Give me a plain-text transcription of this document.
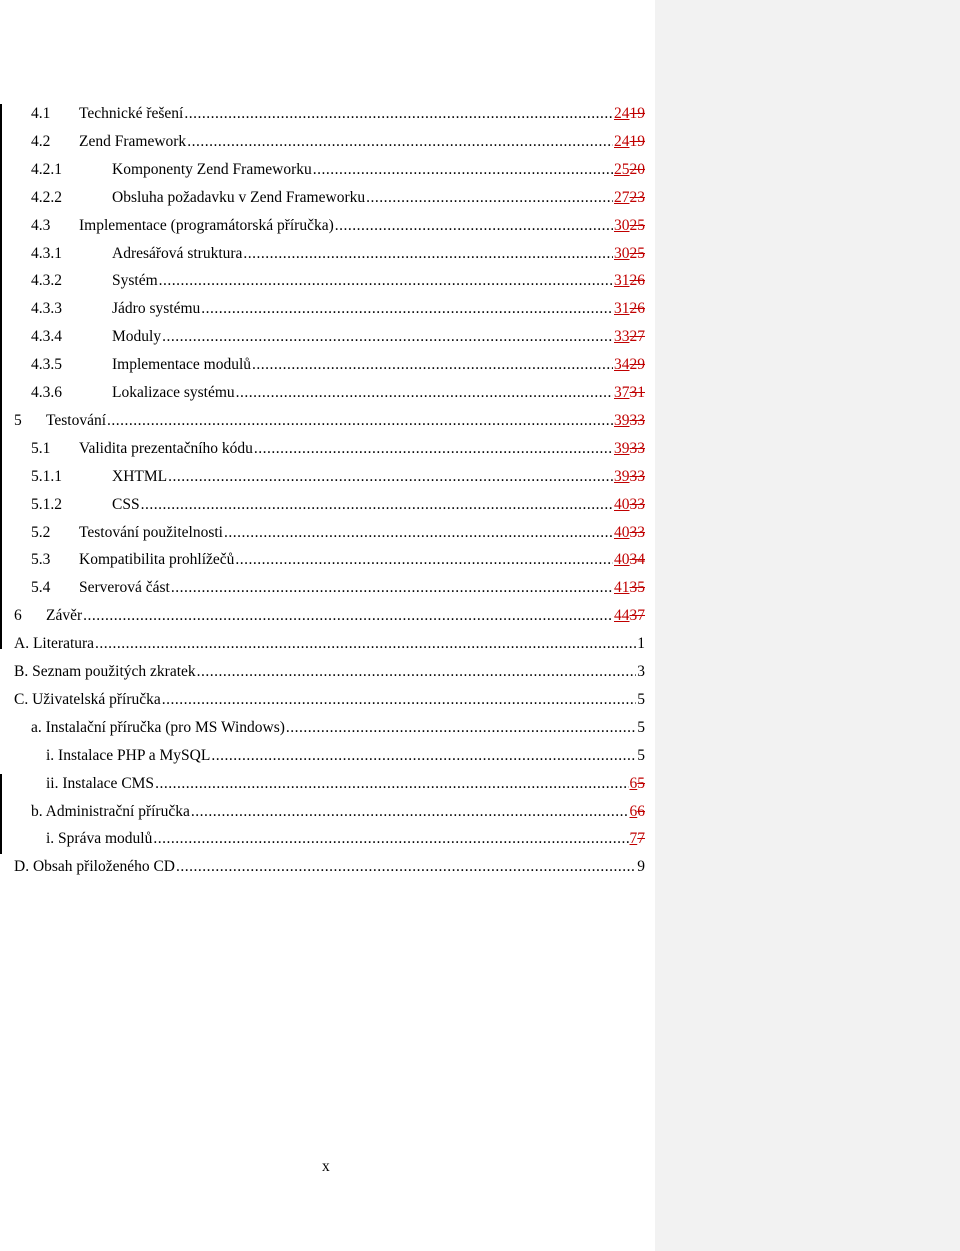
4.1	Technické řešení .....	2419
4.2	Zend Framework .....	2419
4.2.1	Komponenty Zend Frameworku .....	2520
4.2.2	Obsluha požadavku v Zend Frameworku .....	2723
4.3	Implementace (programátorská příručka) .....	3025
4.3.1	Adresářová struktura .....	3025
4.3.2	Systém .....	3126
4.3.3	Jádro systému .....	3126
4.3.4	Moduly .....	3327
4.3.5	Implementace modulů .....	3429
4.3.6	Lokalizace systému .....	3731
5	Testování .....	3933
5.1	Validita prezentačního kódu .....	3933
5.1.1	XHTML .....	3933
5.1.2	CSS .....	4033
5.2	Testování použitelnosti .....	4033
5.3	Kompatibilita prohlížečů .....	4034
5.4	Serverová část .....	4135
6	Závěr .....	4437
A. Literatura .....	1
B. Seznam použitých zkratek .....	3
C. Uživatelská příručka .....	5
a. Instalační příručka (pro MS Windows) .....	5
i. Instalace PHP a MySQL .....	5
ii. Instalace CMS .....	65
b. Administrační příručka .....	66
i. Správa modulů .....	77
D. Obsah přiloženého CD .....	9
x
